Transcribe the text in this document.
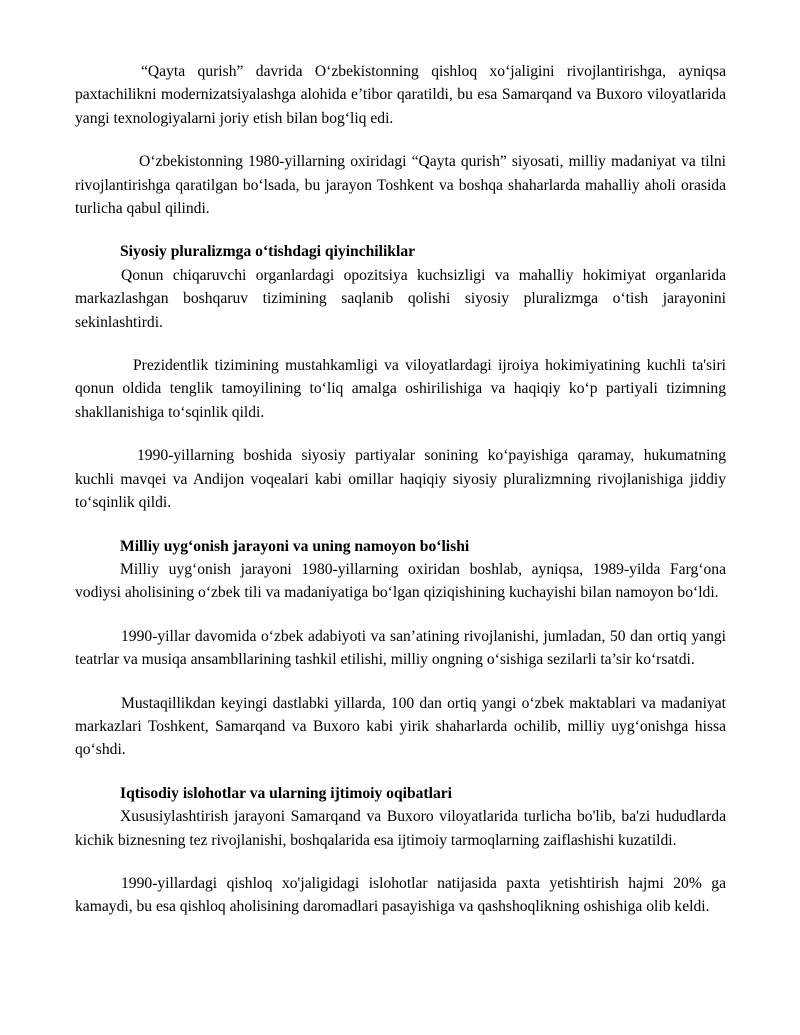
“Qayta qurish” davrida O‘zbekistonning qishloq xo‘jaligini rivojlantirishga, ayniqsa paxtachilikni modernizatsiyalashga alohida e’tibor qaratildi, bu esa Samarqand va Buxoro viloyatlarida yangi texnologiyalarni joriy etish bilan bog‘liq edi.

O‘zbekistonning 1980-yillarning oxiridagi “Qayta qurish” siyosati, milliy madaniyat va tilni rivojlantirishga qaratilgan bo‘lsada, bu jarayon Toshkent va boshqa shaharlarda mahalliy aholi orasida turlicha qabul qilindi.

Siyosiy pluralizmga o‘tishdagi qiyinchiliklar

Qonun chiqaruvchi organlardagi opozitsiya kuchsizligi va mahalliy hokimiyat organlarida markazlashgan boshqaruv tizimining saqlanib qolishi siyosiy pluralizmga o‘tish jarayonini sekinlashtirdi.

Prezidentlik tizimining mustahkamligi va viloyatlardagi ijroiya hokimiyatining kuchli ta'siri qonun oldida tenglik tamoyilining to‘liq amalga oshirilishiga va haqiqiy ko‘p partiyali tizimning shakllanishiga to‘sqinlik qildi.

1990-yillarning boshida siyosiy partiyalar sonining ko‘payishiga qaramay, hukumatning kuchli mavqei va Andijon voqealari kabi omillar haqiqiy siyosiy pluralizmning rivojlanishiga jiddiy to‘sqinlik qildi.

Milliy uyg‘onish jarayoni va uning namoyon bo‘lishi

Milliy uyg‘onish jarayoni 1980-yillarning oxiridan boshlab, ayniqsa, 1989-yilda Farg‘ona vodiysi aholisining o‘zbek tili va madaniyatiga bo‘lgan qiziqishining kuchayishi bilan namoyon bo‘ldi.

1990-yillar davomida o‘zbek adabiyoti va san’atining rivojlanishi, jumladan, 50 dan ortiq yangi teatrlar va musiqa ansambllarining tashkil etilishi, milliy ongning o‘sishiga sezilarli ta’sir ko‘rsatdi.

Mustaqillikdan keyingi dastlabki yillarda, 100 dan ortiq yangi o‘zbek maktablari va madaniyat markazlari Toshkent, Samarqand va Buxoro kabi yirik shaharlarda ochilib, milliy uyg‘onishga hissa qo‘shdi.

Iqtisodiy islohotlar va ularning ijtimoiy oqibatlari

Xususiylashtirish jarayoni Samarqand va Buxoro viloyatlarida turlicha bo'lib, ba'zi hududlarda kichik biznesning tez rivojlanishi, boshqalarida esa ijtimoiy tarmoqlarning zaiflashishi kuzatildi.

1990-yillardagi qishloq xo'jaligidagi islohotlar natijasida paxta yetishtirish hajmi 20% ga kamaydi, bu esa qishloq aholisining daromadlari pasayishiga va qashshoqlikning oshishiga olib keldi.
